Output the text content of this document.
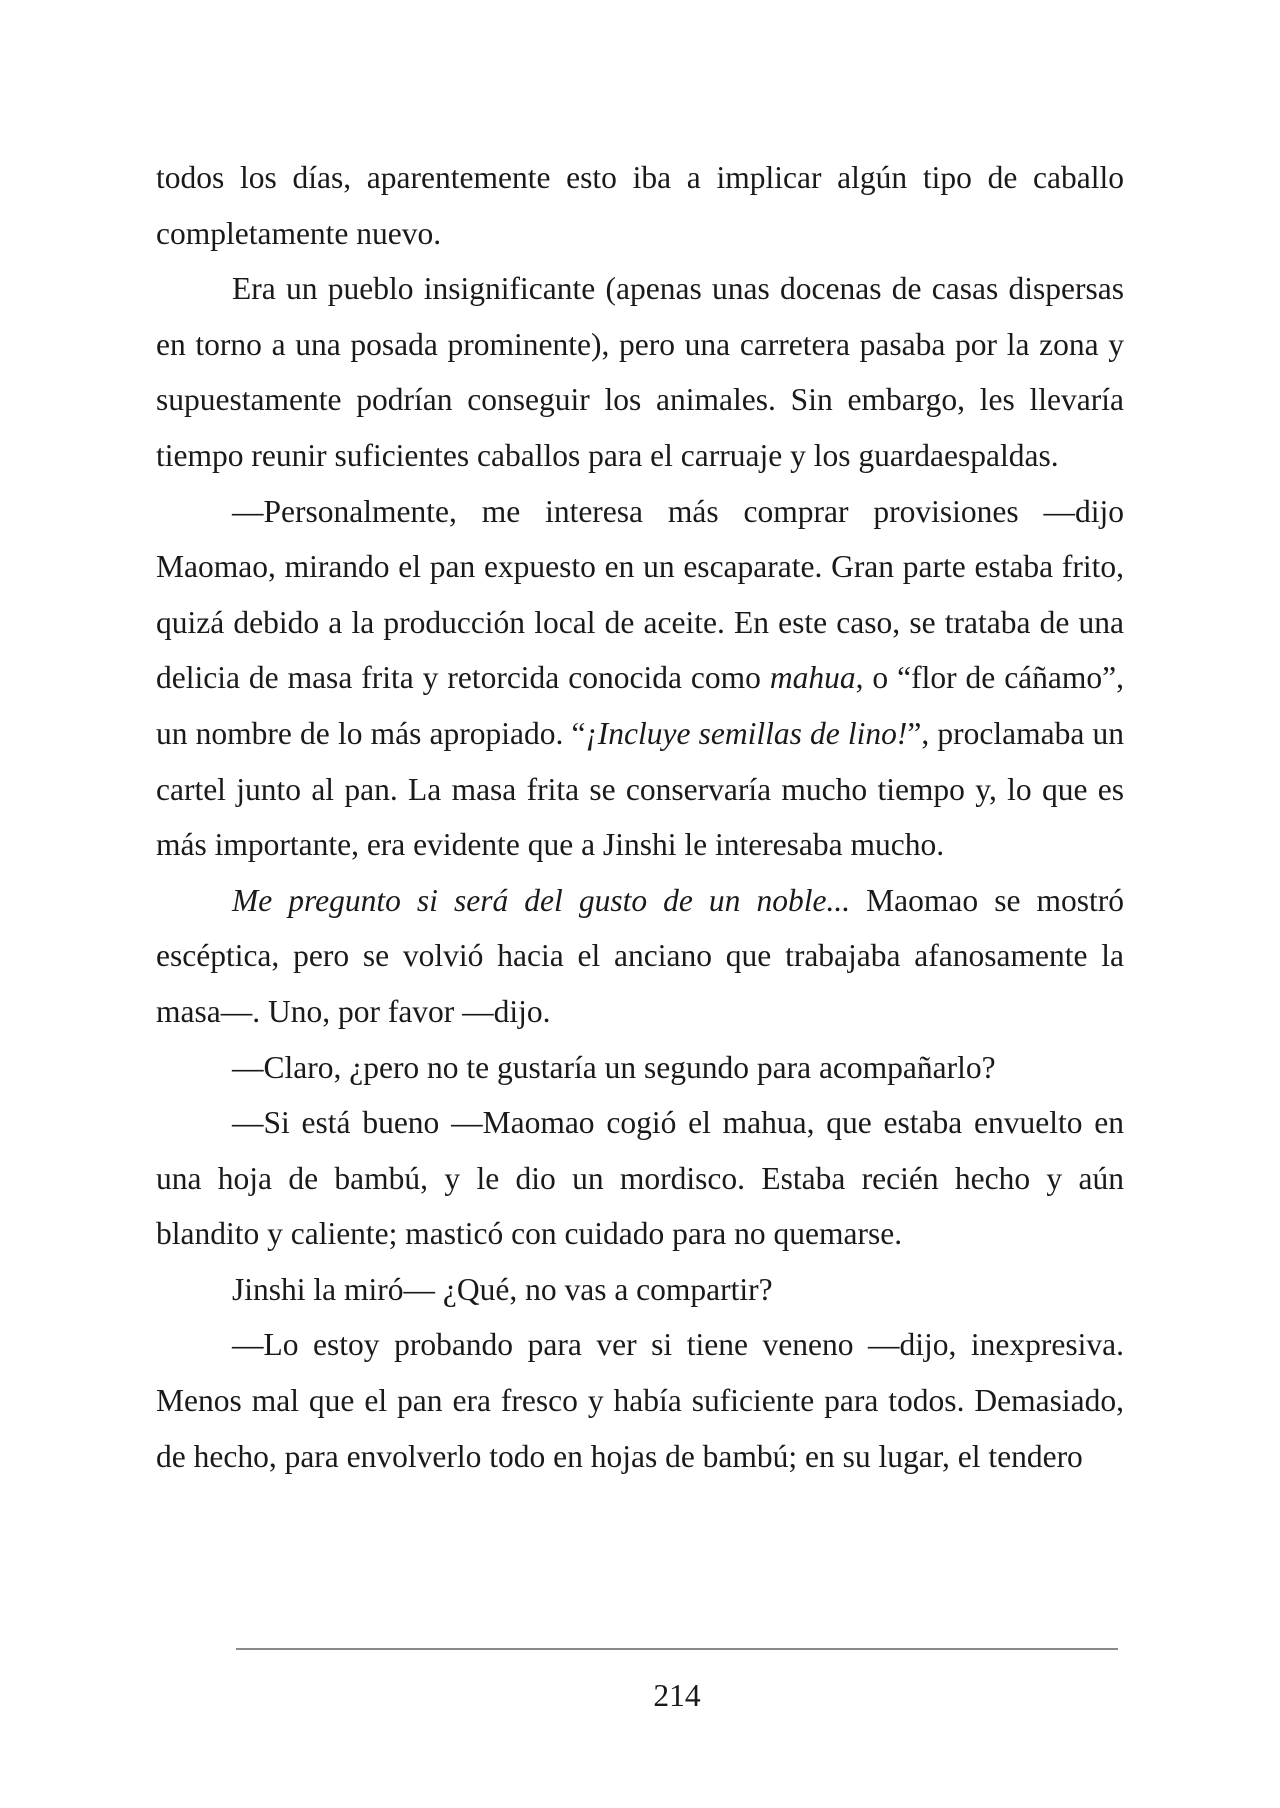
todos los días, aparentemente esto iba a implicar algún tipo de caballo completamente nuevo.

Era un pueblo insignificante (apenas unas docenas de casas dispersas en torno a una posada prominente), pero una carretera pasaba por la zona y supuestamente podrían conseguir los animales. Sin embargo, les llevaría tiempo reunir suficientes caballos para el carruaje y los guardaespaldas.

—Personalmente, me interesa más comprar provisiones —dijo Maomao, mirando el pan expuesto en un escaparate. Gran parte estaba frito, quizá debido a la producción local de aceite. En este caso, se trataba de una delicia de masa frita y retorcida conocida como mahua, o “flor de cáñamo”, un nombre de lo más apropiado. “¡Incluye semillas de lino!”, proclamaba un cartel junto al pan. La masa frita se conservaría mucho tiempo y, lo que es más importante, era evidente que a Jinshi le interesaba mucho.

Me pregunto si será del gusto de un noble... Maomao se mostró escéptica, pero se volvió hacia el anciano que trabajaba afanosamente la masa—. Uno, por favor —dijo.

—Claro, ¿pero no te gustaría un segundo para acompañarlo?

—Si está bueno —Maomao cogió el mahua, que estaba envuelto en una hoja de bambú, y le dio un mordisco. Estaba recién hecho y aún blandito y caliente; masticó con cuidado para no quemarse.

Jinshi la miró— ¿Qué, no vas a compartir?

—Lo estoy probando para ver si tiene veneno —dijo, inexpresiva. Menos mal que el pan era fresco y había suficiente para todos. Demasiado, de hecho, para envolverlo todo en hojas de bambú; en su lugar, el tendero

214
